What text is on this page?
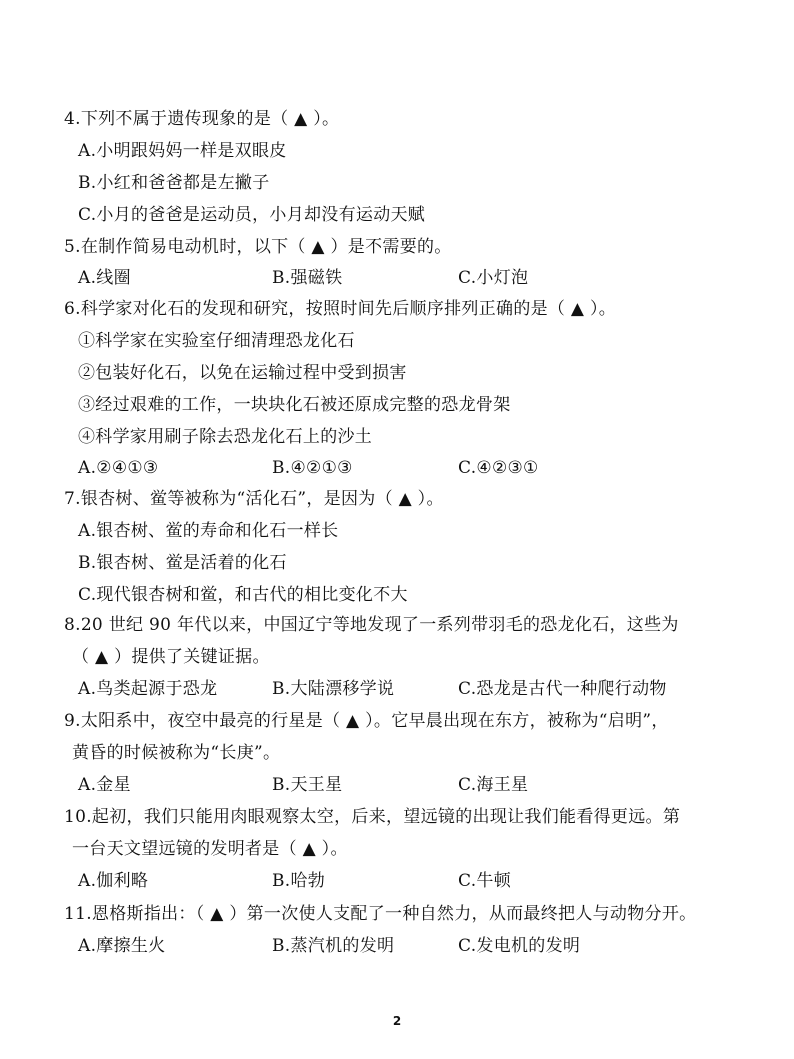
4.下列不属于遗传现象的是（ ▲ ）。
A.小明跟妈妈一样是双眼皮
B.小红和爸爸都是左撇子
C.小月的爸爸是运动员，小月却没有运动天赋
5.在制作简易电动机时，以下（ ▲ ）是不需要的。
A.线圈	B.强磁铁	C.小灯泡
6.科学家对化石的发现和研究，按照时间先后顺序排列正确的是（ ▲ ）。
①科学家在实验室仔细清理恐龙化石
②包装好化石，以免在运输过程中受到损害
③经过艰难的工作，一块块化石被还原成完整的恐龙骨架
④科学家用刷子除去恐龙化石上的沙土
A.②④①③	B.④②①③	C.④②③①
7.银杏树、鲎等被称为“活化石”，是因为（ ▲ ）。
A.银杏树、鲎的寿命和化石一样长
B.银杏树、鲎是活着的化石
C.现代银杏树和鲎，和古代的相比变化不大
8.20 世纪 90 年代以来，中国辽宁等地发现了一系列带羽毛的恐龙化石，这些为
（ ▲ ）提供了关键证据。
A.鸟类起源于恐龙	B.大陆漂移学说	C.恐龙是古代一种爬行动物
9.太阳系中，夜空中最亮的行星是（ ▲ ）。它早晨出现在东方，被称为“启明”，
黄昏的时候被称为“长庚”。
A.金星	B.天王星	C.海王星
10.起初，我们只能用肉眼观察太空，后来，望远镜的出现让我们能看得更远。第
一台天文望远镜的发明者是（ ▲ ）。
A.伽利略	B.哈勃	C.牛顿
11.恩格斯指出：（ ▲ ）第一次使人支配了一种自然力，从而最终把人与动物分开。
A.摩擦生火	B.蒸汽机的发明	C.发电机的发明
2
